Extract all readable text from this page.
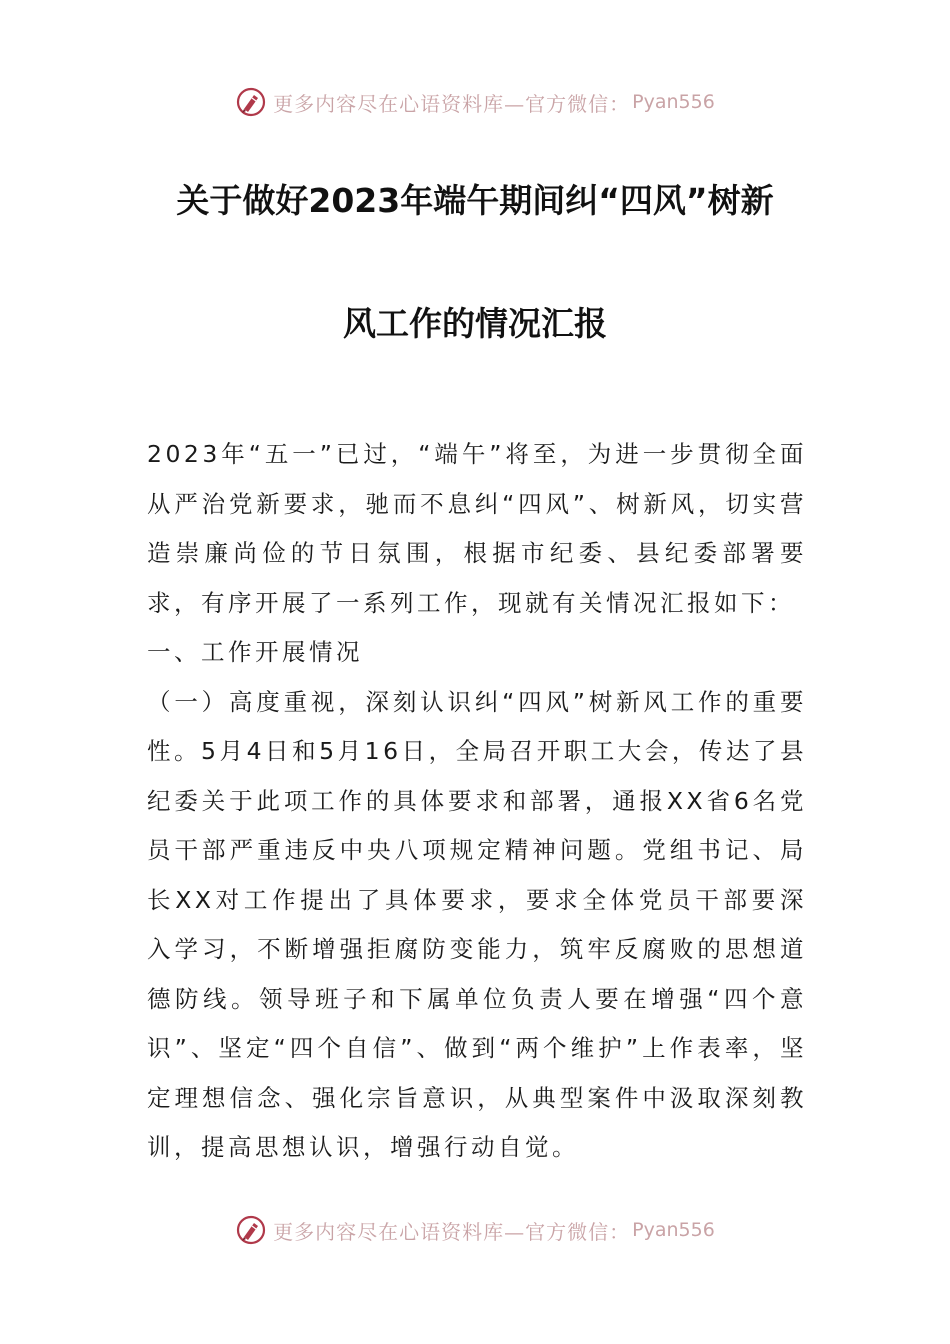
更多内容尽在心语资料库—官方微信： Pyan556
关于做好2023年端午期间纠“四风”树新
风工作的情况汇报

2023年“五一”已过，“端午”将至，为进一步贯彻全面从严治党新要求，驰而不息纠“四风”、树新风，切实营造崇廉尚俭的节日氛围，根据市纪委、县纪委部署要求，有序开展了一系列工作，现就有关情况汇报如下：

一、工作开展情况

（一）高度重视，深刻认识纠“四风”树新风工作的重要性。5月4日和5月16日，全局召开职工大会，传达了县纪委关于此项工作的具体要求和部署，通报XX省6名党员干部严重违反中央八项规定精神问题。党组书记、局长XX对工作提出了具体要求，要求全体党员干部要深入学习，不断增强拒腐防变能力，筑牢反腐败的思想道德防线。领导班子和下属单位负责人要在增强“四个意识”、坚定“四个自信”、做到“两个维护”上作表率，坚定理想信念、强化宗旨意识，从典型案件中汲取深刻教训，提高思想认识，增强行动自觉。

更多内容尽在心语资料库—官方微信： Pyan556
